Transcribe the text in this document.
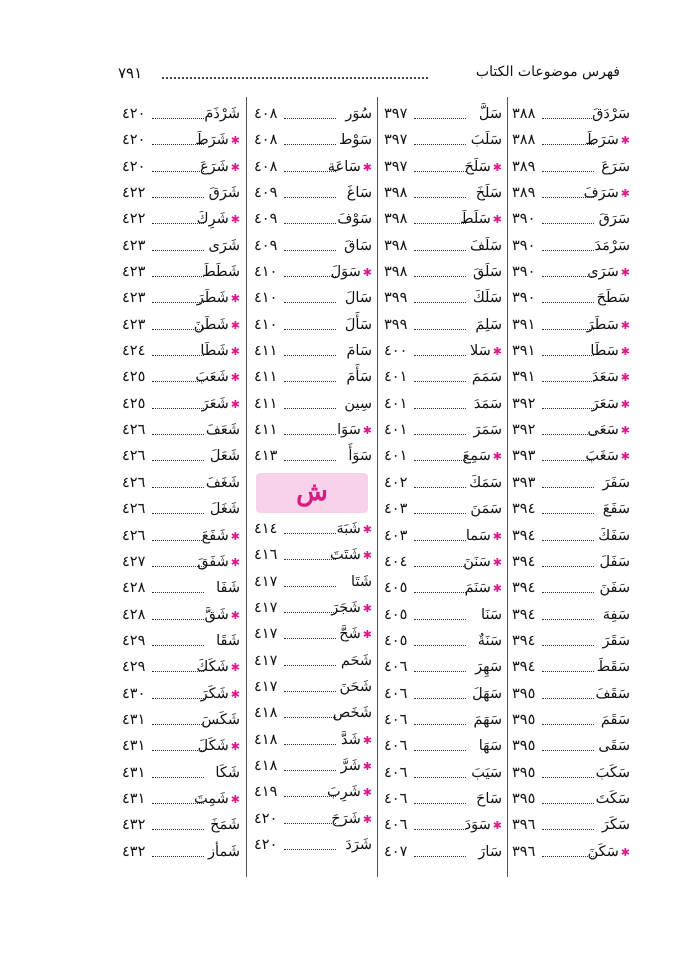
٧٩١	فهرس موضوعات الكتاب
سَرْدَقَ
٣٨٨
✱سَرَطَ
٣٨٨
سَرَعَ
٣٨٩
✱سَرَفَ
٣٨٩
سَرَقَ
٣٩٠
سَرْمَدَ
٣٩٠
✱سَرَى
٣٩٠
سَطَحَ
٣٩٠
✱سَطَرَ
٣٩١
✱سَطَا
٣٩١
✱سَعَدَ
٣٩١
✱سَعَرَ
٣٩٢
✱سَعَى
٣٩٢
✱سَغَبَ
٣٩٣
سَفَرَ
٣٩٣
سَفَعَ
٣٩٤
سَفَكَ
٣٩٤
سَفَلَ
٣٩٤
سَفَنَ
٣٩٤
سَفِهَ
٣٩٤
سَقَرَ
٣٩٤
سَقَطَ
٣٩٤
سَقَفَ
٣٩٥
سَقَمَ
٣٩٥
سَقَى
٣٩٥
سَكَبَ
٣٩٥
سَكَتَ
٣٩٥
سَكَرَ
٣٩٦
✱سَكَنَ
٣٩٦
سَلَّ
٣٩٧
سَلَبَ
٣٩٧
✱سَلَحَ
٣٩٧
سَلَخَ
٣٩٨
✱سَلَطَ
٣٩٨
سَلَفَ
٣٩٨
سَلَقَ
٣٩٨
سَلَكَ
٣٩٩
سَلِمَ
٣٩٩
✱سَلا
٤٠٠
سَمَمَ
٤٠١
سَمَدَ
٤٠١
سَمَرَ
٤٠١
✱سَمِعَ
٤٠١
سَمَكَ
٤٠٢
سَمَنَ
٤٠٣
✱سَما
٤٠٣
✱سَنَنَ
٤٠٤
✱سَنَمَ
٤٠٥
سَنَا
٤٠٥
سَنَةٌ
٤٠٥
سَهِرَ
٤٠٦
سَهَلَ
٤٠٦
سَهَمَ
٤٠٦
سَهَا
٤٠٦
سَيَبَ
٤٠٦
سَاحَ
٤٠٦
✱سَوَدَ
٤٠٦
سَارَ
٤٠٧
سُوَر
٤٠٨
سَوْط
٤٠٨
✱سَاعَة
٤٠٨
سَاغَ
٤٠٩
سَوْفَ
٤٠٩
سَاقَ
٤٠٩
✱سَوَلَ
٤١٠
سَالَ
٤١٠
سَأَلَ
٤١٠
سَامَ
٤١١
سَأَمَ
٤١١
سِين
٤١١
✱سَوَا
٤١١
سَوَأَ
٤١٣
ش
✱شَبَهَ
٤١٤
✱شَتَتَ
٤١٦
شَتَا
٤١٧
✱شَجَرَ
٤١٧
✱شَحَّ
٤١٧
شَحَم
٤١٧
شَحَنَ
٤١٧
شَخَص
٤١٨
✱شَدَّ
٤١٨
✱شَرَّ
٤١٨
✱شَرِبَ
٤١٩
✱شَرَحَ
٤٢٠
شَرَدَ
٤٢٠
شَرْذَمَ
٤٢٠
✱شَرَطَ
٤٢٠
✱شَرَعَ
٤٢٠
شَرَقَ
٤٢٢
✱شَرِكَ
٤٢٢
شَرَى
٤٢٣
شَطَطَ
٤٢٣
✱شَطَرَ
٤٢٣
✱شَطَنَ
٤٢٣
✱شَطَا
٤٢٤
✱شَعَبَ
٤٢٥
✱شَعَرَ
٤٢٥
شَعَفَ
٤٢٦
شَعَلَ
٤٢٦
شَغَفَ
٤٢٦
شَغَلَ
٤٢٦
✱شَفَعَ
٤٢٦
✱شَفَقَ
٤٢٧
شَفَا
٤٢٨
✱شَقَّ
٤٢٨
شَقَا
٤٢٩
✱شَكَكَ
٤٢٩
✱شَكَرَ
٤٣٠
شَكَسَ
٤٣١
✱شَكَلَ
٤٣١
شَكَا
٤٣١
✱شَمِتَ
٤٣١
شَمَخَ
٤٣٢
شَمأز
٤٣٢
